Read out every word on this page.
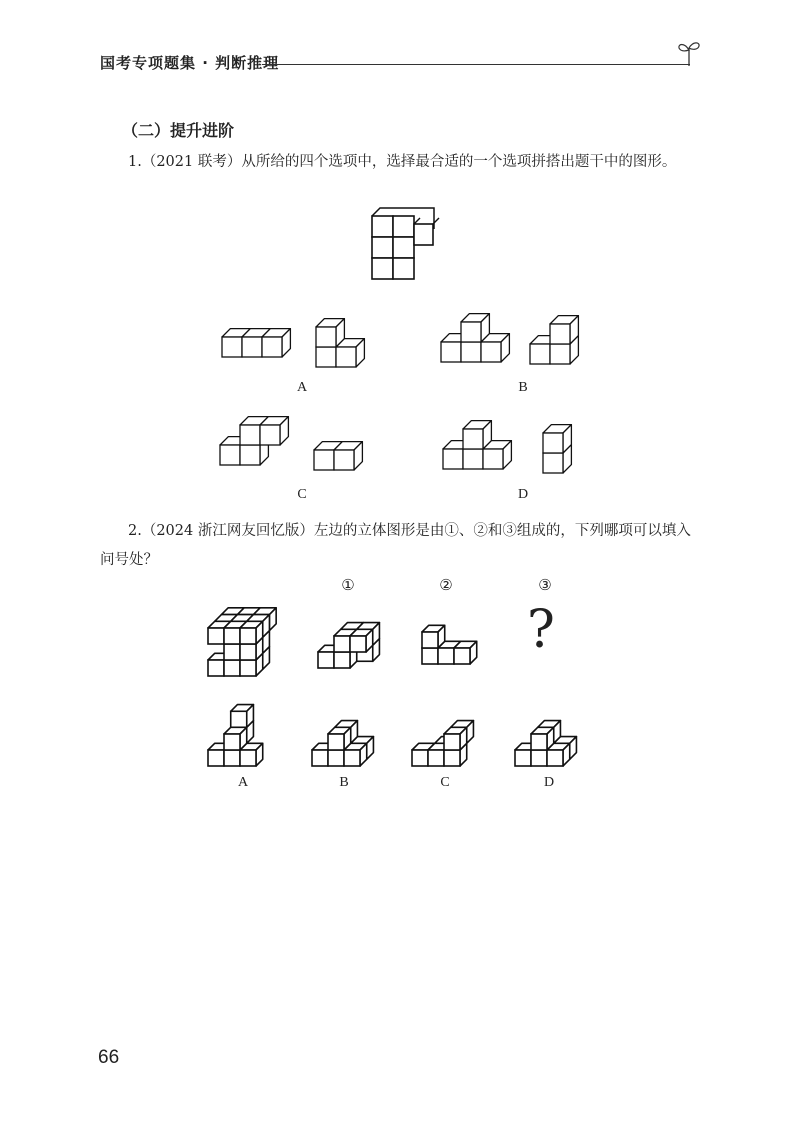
国考专项题集 · 判断推理
（二）提升进阶
1.（2021 联考）从所给的四个选项中，选择最合适的一个选项拼搭出题干中的图形。
A	B
C	D
2.（2024 浙江网友回忆版）左边的立体图形是由①、②和③组成的，下列哪项可以填入问号处？
①	②	③
?
A	B	C	D
66
